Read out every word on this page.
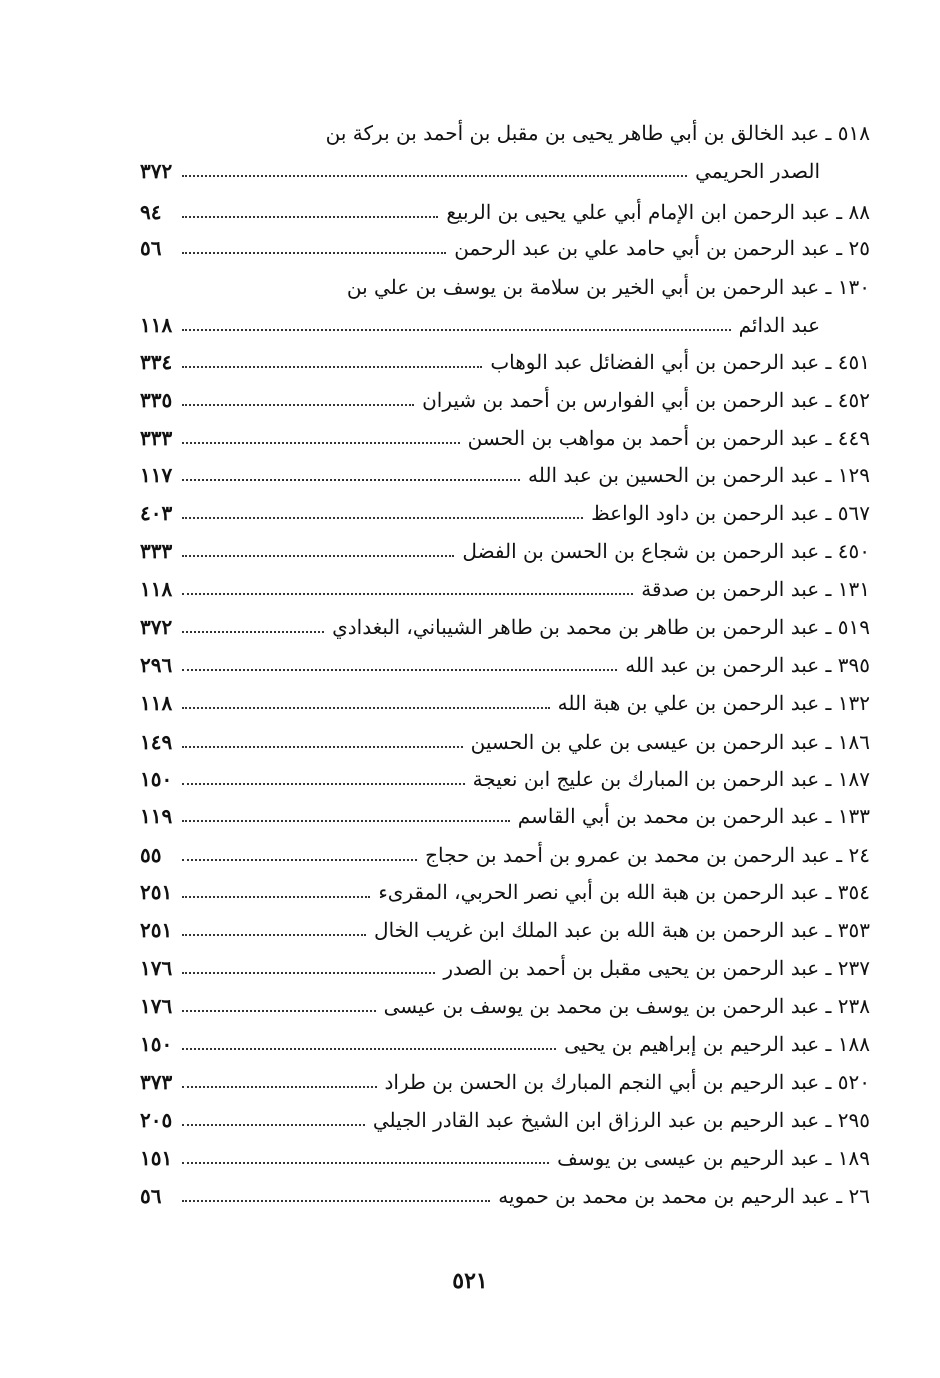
٥١٨ ـ عبد الخالق بن أبي طاهر يحيى بن مقبل بن أحمد بن بركة بن
الصدر الحريمي
٣٧٢
٨٨ ـ عبد الرحمن ابن الإمام أبي علي يحيى بن الربيع
٩٤
٢٥ ـ عبد الرحمن بن أبي حامد علي بن عبد الرحمن
٥٦
١٣٠ ـ عبد الرحمن بن أبي الخير بن سلامة بن يوسف بن علي بن
عبد الدائم
١١٨
٤٥١ ـ عبد الرحمن بن أبي الفضائل عبد الوهاب
٣٣٤
٤٥٢ ـ عبد الرحمن بن أبي الفوارس بن أحمد بن شيران
٣٣٥
٤٤٩ ـ عبد الرحمن بن أحمد بن مواهب بن الحسن
٣٣٣
١٢٩ ـ عبد الرحمن بن الحسين بن عبد الله
١١٧
٥٦٧ ـ عبد الرحمن بن داود الواعظ
٤٠٣
٤٥٠ ـ عبد الرحمن بن شجاع بن الحسن بن الفضل
٣٣٣
١٣١ ـ عبد الرحمن بن صدقة
١١٨
٥١٩ ـ عبد الرحمن بن طاهر بن محمد بن طاهر الشيباني، البغدادي
٣٧٢
٣٩٥ ـ عبد الرحمن بن عبد الله
٢٩٦
١٣٢ ـ عبد الرحمن بن علي بن هبة الله
١١٨
١٨٦ ـ عبد الرحمن بن عيسى بن علي بن الحسين
١٤٩
١٨٧ ـ عبد الرحمن بن المبارك بن عليج ابن نعيجة
١٥٠
١٣٣ ـ عبد الرحمن بن محمد بن أبي القاسم
١١٩
٢٤ ـ عبد الرحمن بن محمد بن عمرو بن أحمد بن حجاج
٥٥
٣٥٤ ـ عبد الرحمن بن هبة الله بن أبي نصر الحربي، المقرىء
٢٥١
٣٥٣ ـ عبد الرحمن بن هبة الله بن عبد الملك ابن غريب الخال
٢٥١
٢٣٧ ـ عبد الرحمن بن يحيى مقبل بن أحمد بن الصدر
١٧٦
٢٣٨ ـ عبد الرحمن بن يوسف بن محمد بن يوسف بن عيسى
١٧٦
١٨٨ ـ عبد الرحيم بن إبراهيم بن يحيى
١٥٠
٥٢٠ ـ عبد الرحيم بن أبي النجم المبارك بن الحسن بن طراد
٣٧٣
٢٩٥ ـ عبد الرحيم بن عبد الرزاق ابن الشيخ عبد القادر الجيلي
٢٠٥
١٨٩ ـ عبد الرحيم بن عيسى بن يوسف
١٥١
٢٦ ـ عبد الرحيم بن محمد بن محمد بن حمويه
٥٦
٥٢١
